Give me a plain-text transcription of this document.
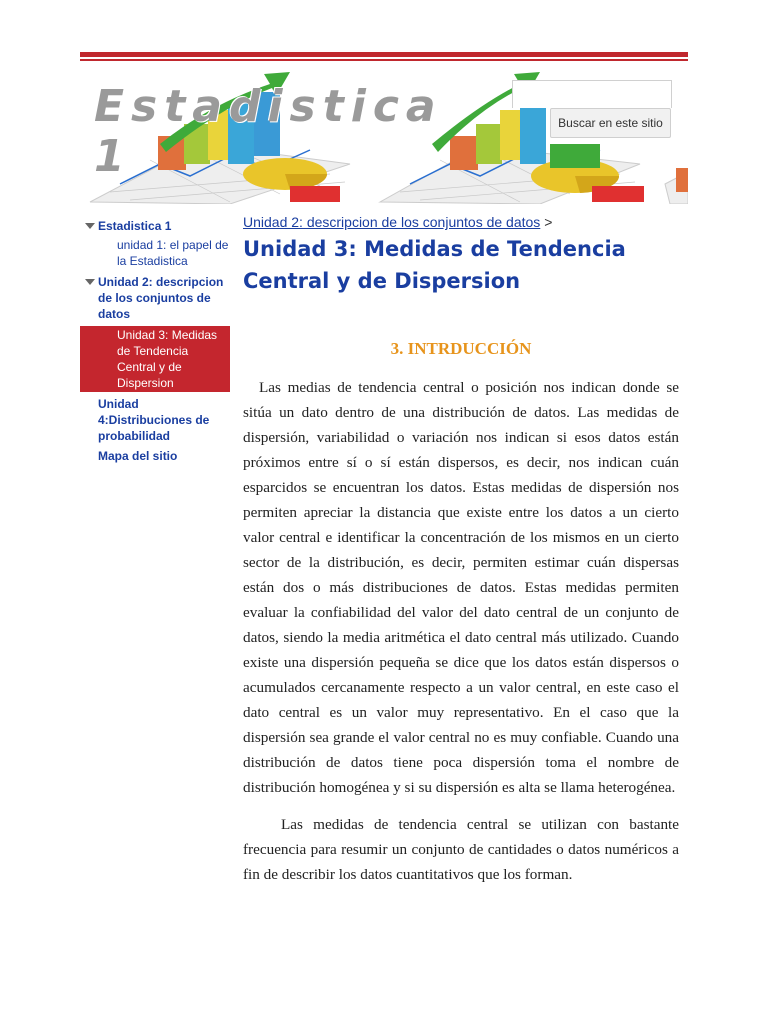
Estadistica
1
Buscar en este sitio
Estadistica 1
unidad 1: el papel de la Estadistica
Unidad 2: descripcion de los conjuntos de datos
Unidad 3: Medidas de Tendencia Central y de Dispersion
Unidad 4:Distribuciones de probabilidad
Mapa del sitio
Unidad 2: descripcion de los conjuntos de datos >
Unidad 3: Medidas de Tendencia Central y de Dispersion
3. INTRDUCCIÓN

Las medias de tendencia central o posición nos indican donde se sitúa un dato dentro de una distribución de datos. Las medidas de dispersión, variabilidad o variación nos indican si esos datos están próximos entre sí o sí están dispersos, es decir, nos indican cuán esparcidos se encuentran los datos. Estas medidas de dispersión nos permiten apreciar la distancia que existe entre los datos a un cierto valor central e identificar la concentración de los mismos en un cierto sector de la distribución, es decir, permiten estimar cuán dispersas están dos o más distribuciones de datos. Estas medidas permiten evaluar la confiabilidad del valor del dato central de un conjunto de datos, siendo la media aritmética el dato central más utilizado. Cuando existe una dispersión pequeña se dice que los datos están dispersos o acumulados cercanamente respecto a un valor central, en este caso el dato central es un valor muy representativo. En el caso que la dispersión sea grande el valor central no es muy confiable. Cuando una distribución de datos tiene poca dispersión toma el nombre de distribución homogénea y si su dispersión es alta se llama heterogénea.

Las medidas de tendencia central se utilizan con bastante frecuencia para resumir un conjunto de cantidades o datos numéricos a fin de describir los datos cuantitativos que los forman.
